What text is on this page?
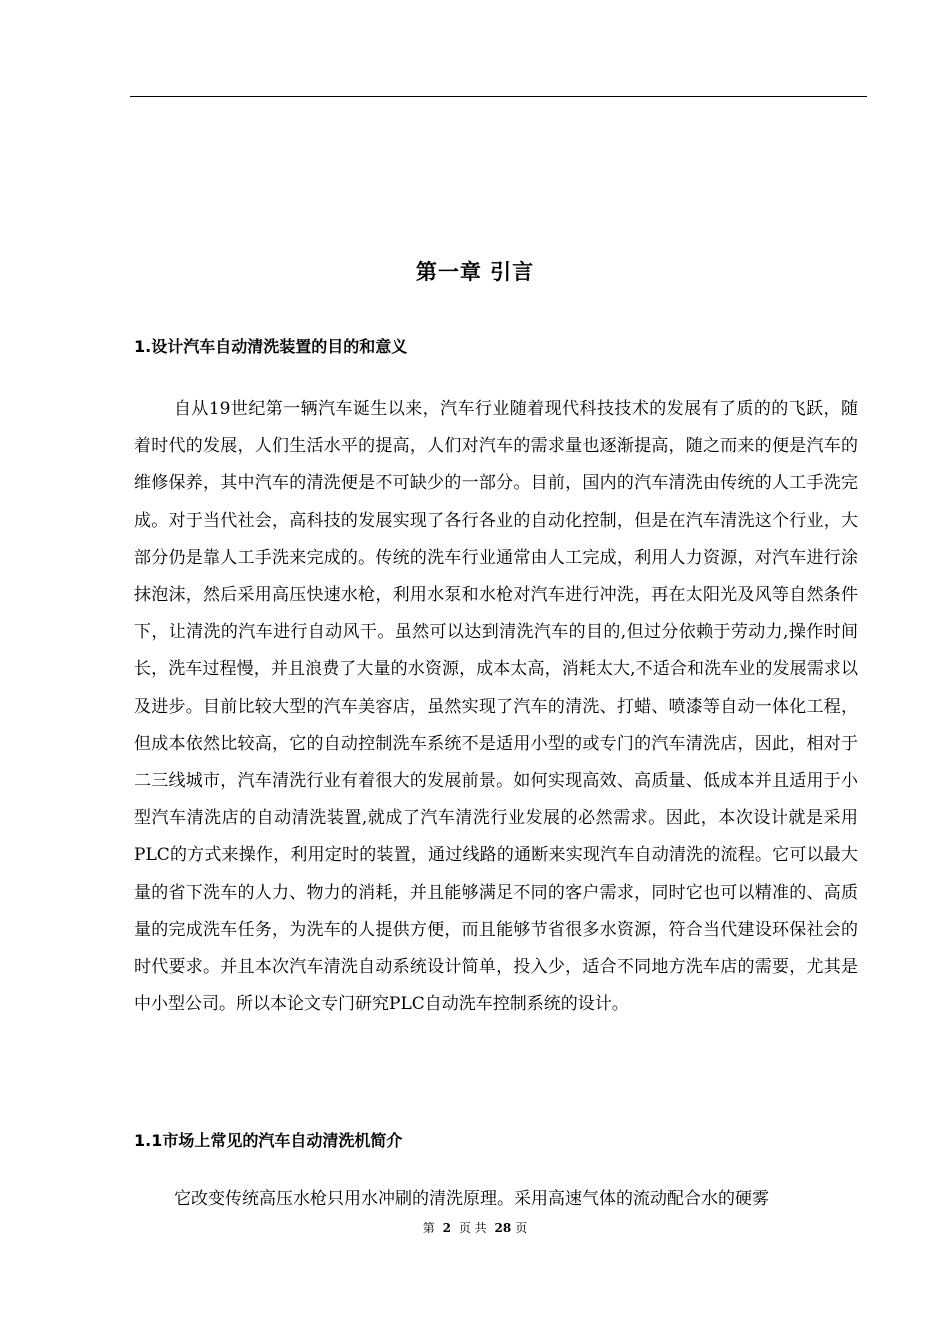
第一章 引言
1.设计汽车自动清洗装置的目的和意义

自从19世纪第一辆汽车诞生以来，汽车行业随着现代科技技术的发展有了质的的飞跃，随着时代的发展，人们生活水平的提高，人们对汽车的需求量也逐渐提高，随之而来的便是汽车的维修保养，其中汽车的清洗便是不可缺少的一部分。目前，国内的汽车清洗由传统的人工手洗完成。对于当代社会，高科技的发展实现了各行各业的自动化控制，但是在汽车清洗这个行业，大部分仍是靠人工手洗来完成的。传统的洗车行业通常由人工完成，利用人力资源，对汽车进行涂抹泡沫，然后采用高压快速水枪，利用水泵和水枪对汽车进行冲洗，再在太阳光及风等自然条件下，让清洗的汽车进行自动风干。虽然可以达到清洗汽车的目的,但过分依赖于劳动力,操作时间长，洗车过程慢，并且浪费了大量的水资源，成本太高，消耗太大,不适合和洗车业的发展需求以及进步。目前比较大型的汽车美容店，虽然实现了汽车的清洗、打蜡、喷漆等自动一体化工程，但成本依然比较高，它的自动控制洗车系统不是适用小型的或专门的汽车清洗店，因此，相对于二三线城市，汽车清洗行业有着很大的发展前景。如何实现高效、高质量、低成本并且适用于小型汽车清洗店的自动清洗装置,就成了汽车清洗行业发展的必然需求。因此，本次设计就是采用PLC的方式来操作，利用定时的装置，通过线路的通断来实现汽车自动清洗的流程。它可以最大量的省下洗车的人力、物力的消耗，并且能够满足不同的客户需求，同时它也可以精准的、高质量的完成洗车任务，为洗车的人提供方便，而且能够节省很多水资源，符合当代建设环保社会的时代要求。并且本次汽车清洗自动系统设计简单，投入少，适合不同地方洗车店的需要，尤其是中小型公司。所以本论文专门研究PLC自动洗车控制系统的设计。

1.1市场上常见的汽车自动清洗机简介

它改变传统高压水枪只用水冲刷的清洗原理。采用高速气体的流动配合水的硬雾

第 2 页 共 28 页
